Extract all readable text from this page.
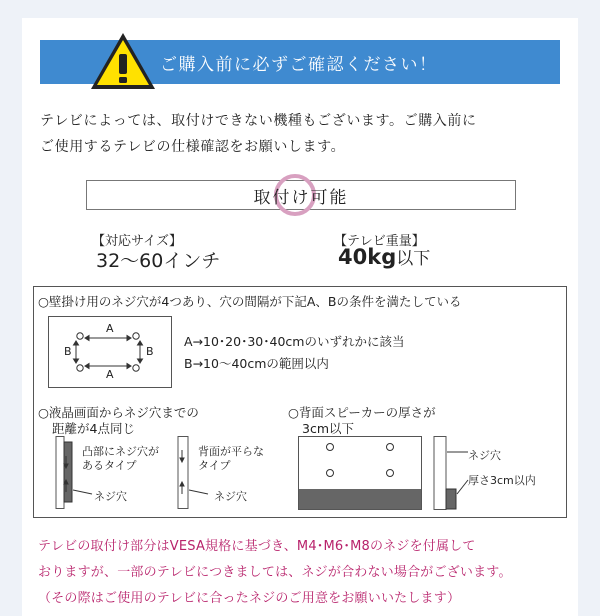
ご購入前に必ずご確認ください！
テレビによっては、取付けできない機種もございます。ご購入前に
ご使用するテレビの仕様確認をお願いします。
取付け可能
【対応サイズ】
32〜60インチ
【テレビ重量】
40kg以下
○壁掛け用のネジ穴が4つあり、穴の間隔が下記A、Bの条件を満たしている
A
A
B	B
A→10･20･30･40cmのいずれかに該当
B→10〜40cmの範囲以内
○液晶画面からネジ穴までの
距離が4点同じ
凸部にネジ穴が
あるタイプ
ネジ穴
背面が平らな
タイプ
ネジ穴
○背面スピーカーの厚さが
3cm以下
ネジ穴
厚さ3cm以内
テレビの取付け部分はVESA規格に基づき、M4･M6･M8のネジを付属して
おりますが、一部のテレビにつきましては、ネジが合わない場合がございます。
（その際はご使用のテレビに合ったネジのご用意をお願いいたします）
